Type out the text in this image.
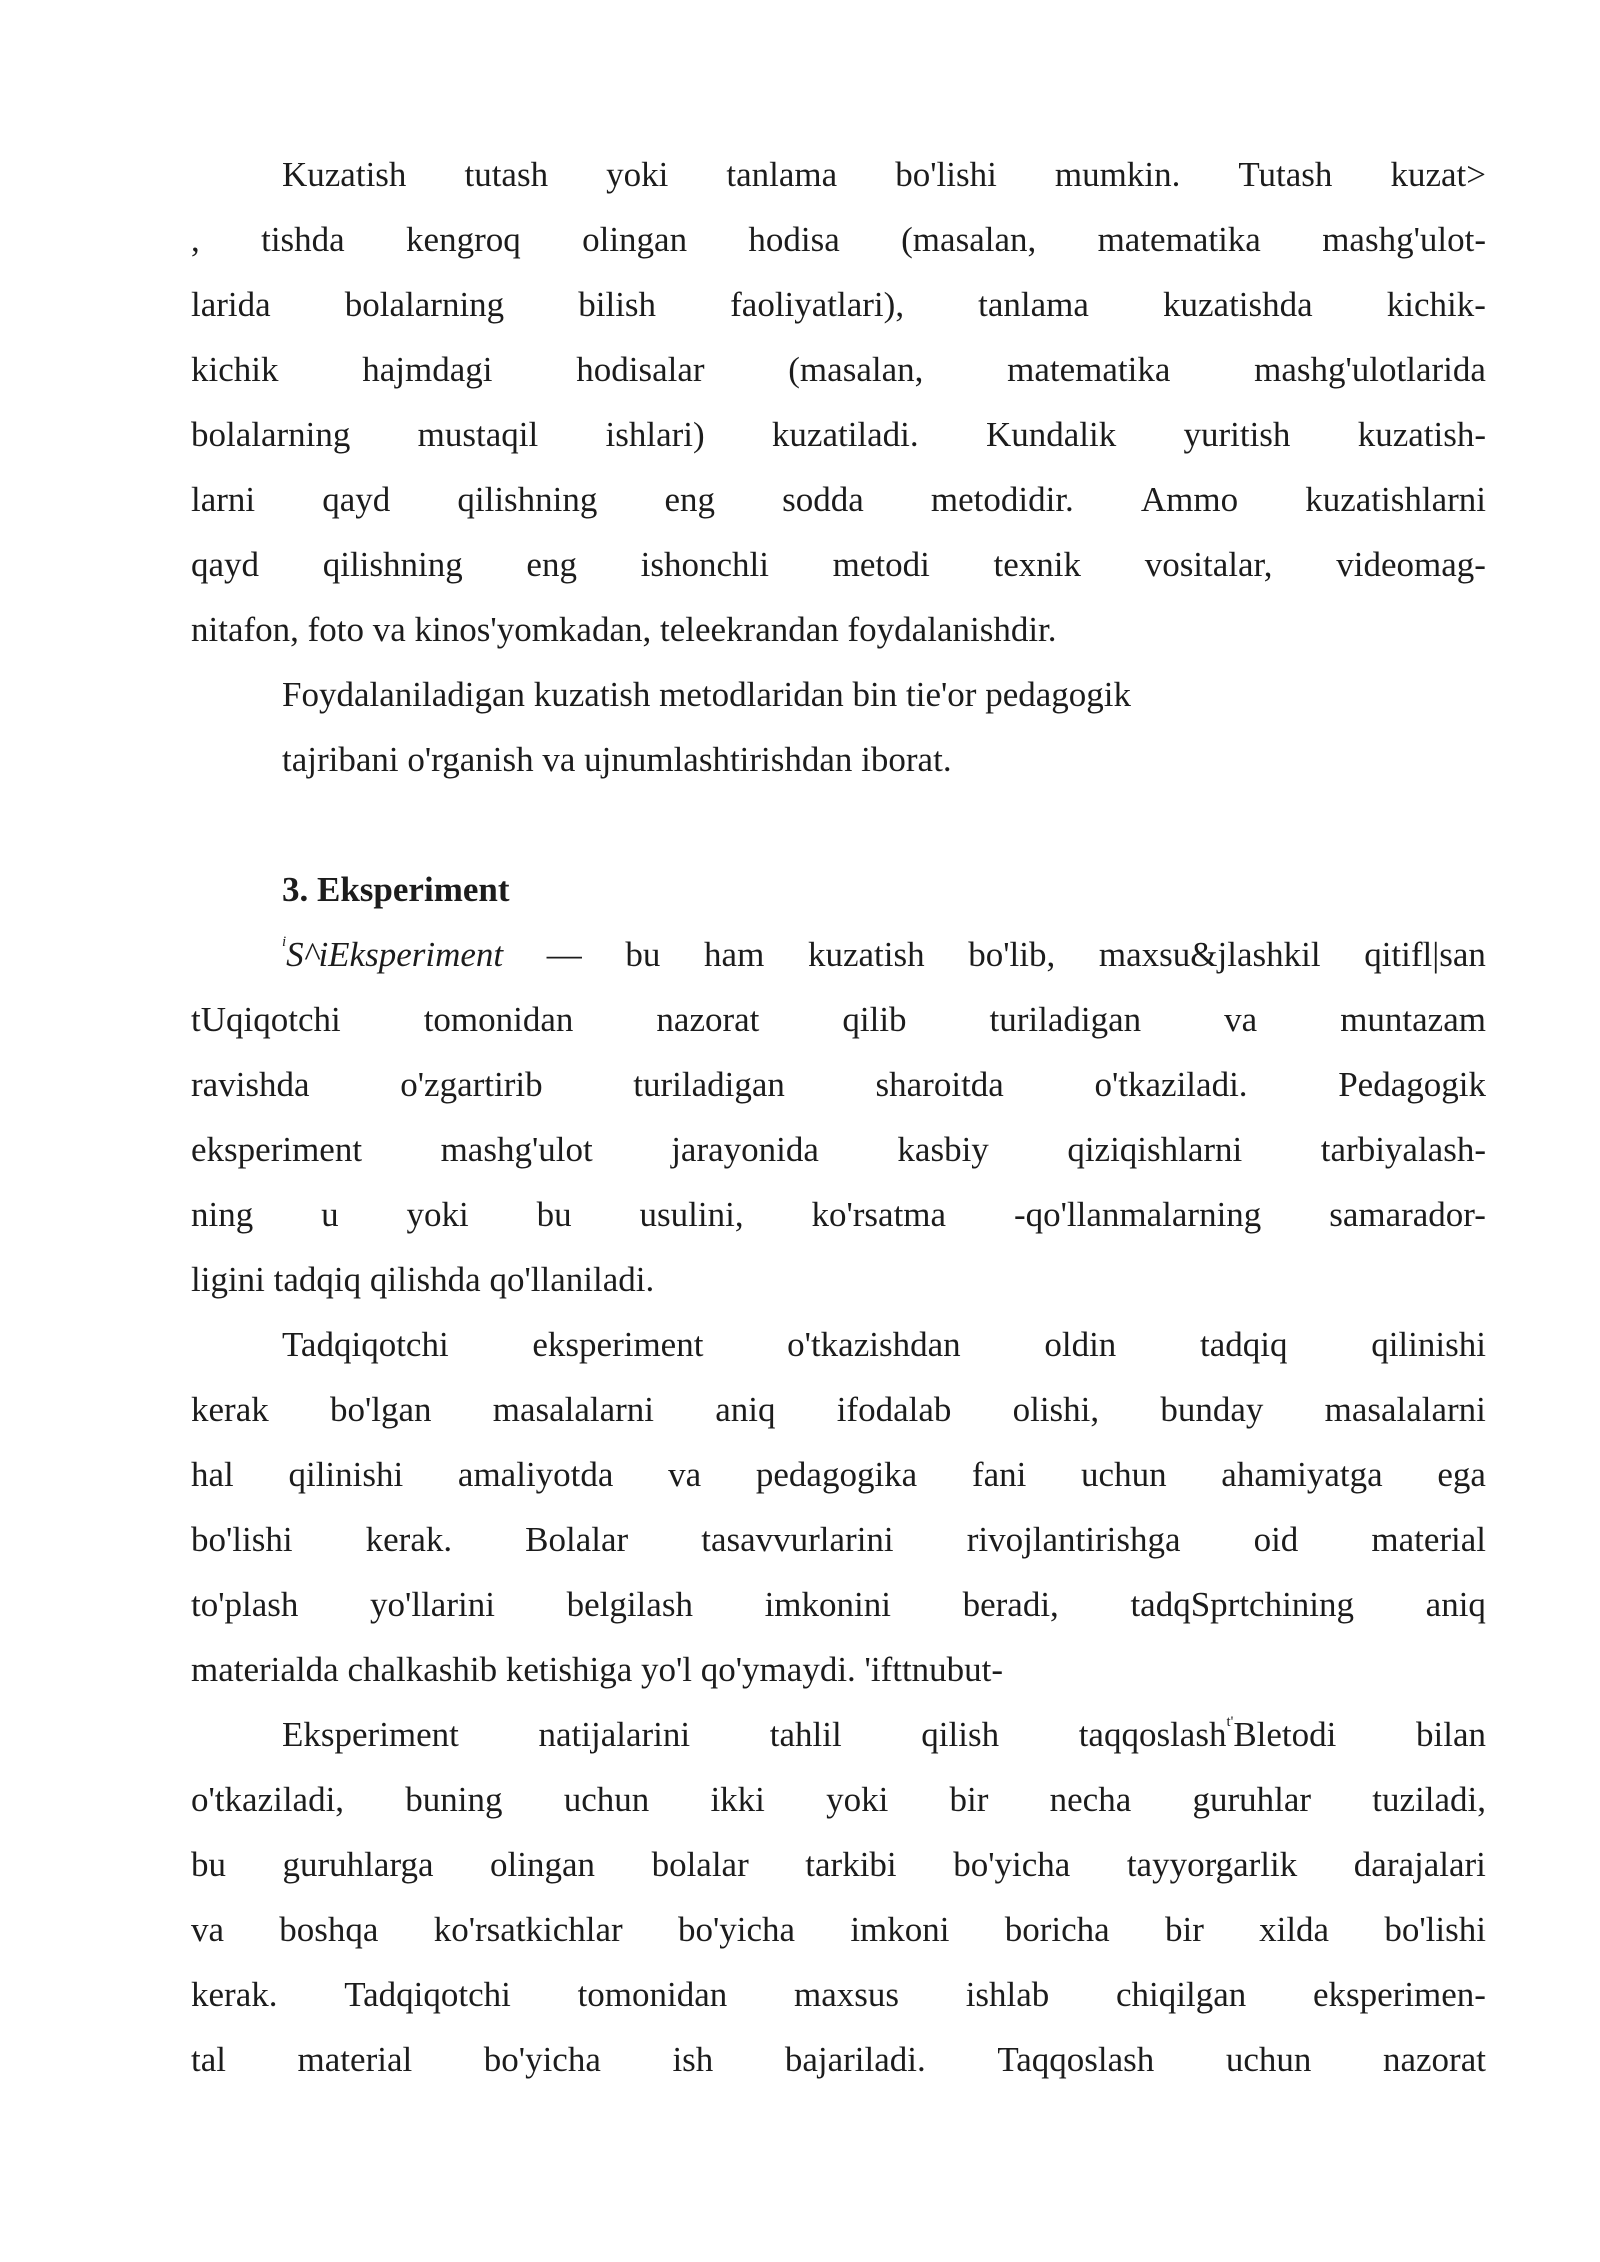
Kuzatish tutash yoki tanlama bo'lishi mumkin. Tutash kuzat>
, tishda kengroq olingan hodisa (masalan, matematika mashg'ulot-
larida bolalarning bilish faoliyatlari), tanlama kuzatishda kichik-
kichik hajmdagi hodisalar (masalan, matematika mashg'ulotlarida
bolalarning mustaqil ishlari) kuzatiladi. Kundalik yuritish kuzatish-
larni qayd qilishning eng sodda metodidir. Ammo kuzatishlarni
qayd qilishning eng ishonchli metodi texnik vositalar, videomag-
nitafon, foto va kinos'yomkadan, teleekrandan foydalanishdir.
Foydalaniladigan kuzatish metodlaridan bin tie'or pedagogik
tajribani o'rganish va ujnumlashtirishdan iborat.
3. Eksperiment
$^i$S^iEksperiment — bu ham kuzatish bo'lib, maxsu&jlashkil qitifl|san
tUqiqotchi tomonidan nazorat qilib turiladigan va muntazam
ravishda	o'zgartirib	turiladigan	sharoitda	o'tkaziladi.	Pedagogik
eksperiment mashg'ulot jarayonida kasbiy qiziqishlarni tarbiyalash-
ning u yoki bu usulini, ko'rsatma -qo'llanmalarning samarador-
ligini tadqiq qilishda qo'llaniladi.
Tadqiqotchi eksperiment o'tkazishdan oldin tadqiq qilinishi
kerak bo'lgan masalalarni aniq ifodalab olishi, bunday masalalarni
hal qilinishi amaliyotda va pedagogika fani uchun ahamiyatga ega
bo'lishi kerak. Bolalar tasavvurlarini rivojlantirishga oid material
to'plash yo'llarini belgilash imkonini beradi, tadqSprtchining aniq
materialda chalkashib ketishiga yo'l qo'ymaydi. 'ifttnubut-
Eksperiment natijalarini tahlil qilish taqqoslash$^{t'}$Bletodi bilan
o'tkaziladi, buning uchun ikki yoki bir necha guruhlar tuziladi,
bu guruhlarga olingan bolalar tarkibi bo'yicha tayyorgarlik darajalari
va boshqa ko'rsatkichlar bo'yicha imkoni boricha bir xilda bo'lishi
kerak. Tadqiqotchi tomonidan maxsus ishlab chiqilgan eksperimen-
tal material bo'yicha ish bajariladi. Taqqoslash uchun nazorat
